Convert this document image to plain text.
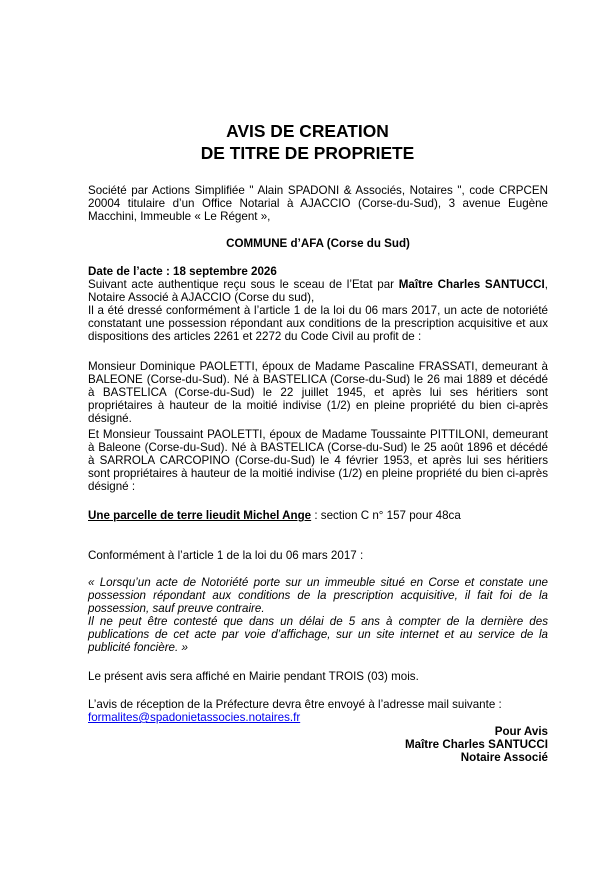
AVIS DE CREATION
DE TITRE DE PROPRIETE

Société par Actions Simplifiée " Alain SPADONI & Associés, Notaires ", code CRPCEN 20004 titulaire d’un Office Notarial à AJACCIO (Corse-du-Sud), 3 avenue Eugène Macchini, Immeuble « Le Régent »,

COMMUNE d’AFA (Corse du Sud)

Date de l’acte : 18 septembre 2026

Suivant acte authentique reçu sous le sceau de l’Etat par Maître Charles SANTUCCI, Notaire Associé à AJACCIO (Corse du sud),

Il a été dressé conformément à l’article 1 de la loi du 06 mars 2017, un acte de notoriété constatant une possession répondant aux conditions de la prescription acquisitive et aux dispositions des articles 2261 et 2272 du Code Civil au profit de :

Monsieur Dominique PAOLETTI, époux de Madame Pascaline FRASSATI, demeurant à BALEONE (Corse-du-Sud). Né à BASTELICA (Corse-du-Sud) le 26 mai 1889 et décédé à BASTELICA (Corse-du-Sud) le 22 juillet 1945, et après lui ses héritiers sont propriétaires à hauteur de la moitié indivise (1/2) en pleine propriété du bien ci-après désigné.

Et Monsieur Toussaint PAOLETTI, époux de Madame Toussainte PITTILONI, demeurant à Baleone (Corse-du-Sud). Né à BASTELICA (Corse-du-Sud) le 25 août 1896 et décédé à SARROLA CARCOPINO (Corse-du-Sud) le 4 février 1953, et après lui ses héritiers sont propriétaires à hauteur de la moitié indivise (1/2) en pleine propriété du bien ci-après désigné :

Une parcelle de terre lieudit Michel Ange : section C n° 157 pour 48ca

Conformément à l’article 1 de la loi du 06 mars 2017 :

« Lorsqu’un acte de Notoriété porte sur un immeuble situé en Corse et constate une possession répondant aux conditions de la prescription acquisitive, il fait foi de la possession, sauf preuve contraire.

Il ne peut être contesté que dans un délai de 5 ans à compter de la dernière des publications de cet acte par voie d’affichage, sur un site internet et au service de la publicité foncière. »

Le présent avis sera affiché en Mairie pendant TROIS (03) mois.

L’avis de réception de la Préfecture devra être envoyé à l’adresse mail suivante :

formalites@spadonietassocies.notaires.fr

Pour Avis

Maître Charles SANTUCCI

Notaire Associé
